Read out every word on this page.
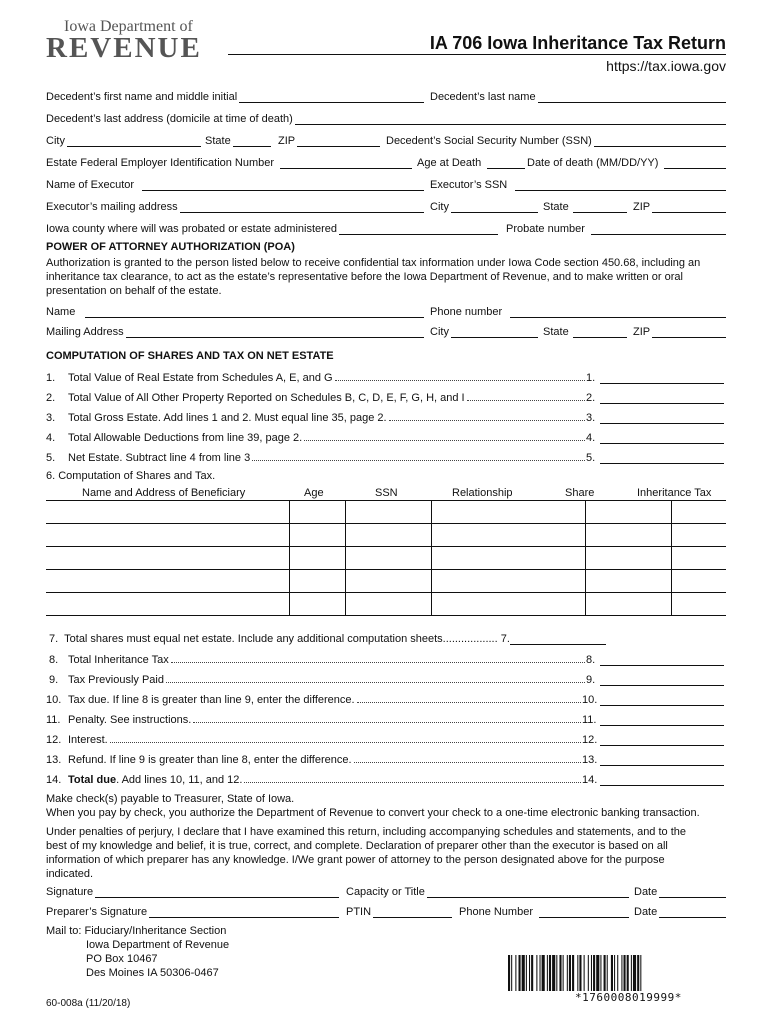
Iowa Department of
REVENUE	IA 706 Iowa Inheritance Tax Return
https://tax.iowa.gov
Decedent’s first name and middle initial	Decedent’s last name
Decedent’s last address (domicile at time of death)
City	State	ZIP	Decedent’s Social Security Number (SSN)
Estate Federal Employer Identification Number	Age at Death	Date of death (MM/DD/YY)
Name of Executor	Executor’s SSN
Executor’s mailing address	City	State	ZIP
Iowa county where will was probated or estate administered	Probate number
POWER OF ATTORNEY AUTHORIZATION (POA)
Authorization is granted to the person listed below to receive confidential tax information under Iowa Code section 450.68, including an
inheritance tax clearance, to act as the estate’s representative before the Iowa Department of Revenue, and to make written or oral
presentation on behalf of the estate.
Name	Phone number
Mailing Address	City	State	ZIP
COMPUTATION OF SHARES AND TAX ON NET ESTATE
1.	Total Value of Real Estate from Schedules A, E, and G	1.
2.	Total Value of All Other Property Reported on Schedules B, C, D, E, F, G, H, and I	2.
3.	Total Gross Estate. Add lines 1 and 2. Must equal line 35, page 2.	3.
4.	Total Allowable Deductions from line 39, page 2.	4.
5.	Net Estate. Subtract line 4 from line 3	5.
6. Computation of Shares and Tax.
Name and Address of Beneficiary	Age	SSN	Relationship	Share	Inheritance Tax

7.  Total shares must equal net estate. Include any additional computation sheets.................. 7.
8. Total Inheritance Tax	8.
9. Tax Previously Paid	9.
10. Tax due. If line 8 is greater than line 9, enter the difference.	10.
11. Penalty. See instructions.	11.
12. Interest.	12.
13. Refund. If line 9 is greater than line 8, enter the difference.	13.
14. Total due . Add lines 10, 11, and 12.	14.
Make check(s) payable to Treasurer, State of Iowa.
When you pay by check, you authorize the Department of Revenue to convert your check to a one-time electronic banking transaction.
Under penalties of perjury, I declare that I have examined this return, including accompanying schedules and statements, and to the
best of my knowledge and belief, it is true, correct, and complete. Declaration of preparer other than the executor is based on all
information of which preparer has any knowledge. I/We grant power of attorney to the person designated above for the purpose
indicated.
Signature	Capacity or Title	Date
Preparer’s Signature	PTIN	Phone Number	Date
Mail to: Fiduciary/Inheritance Section
Iowa Department of Revenue
PO Box 10467
Des Moines IA 50306-0467
60-008a (11/20/18)	*1760008019999*
